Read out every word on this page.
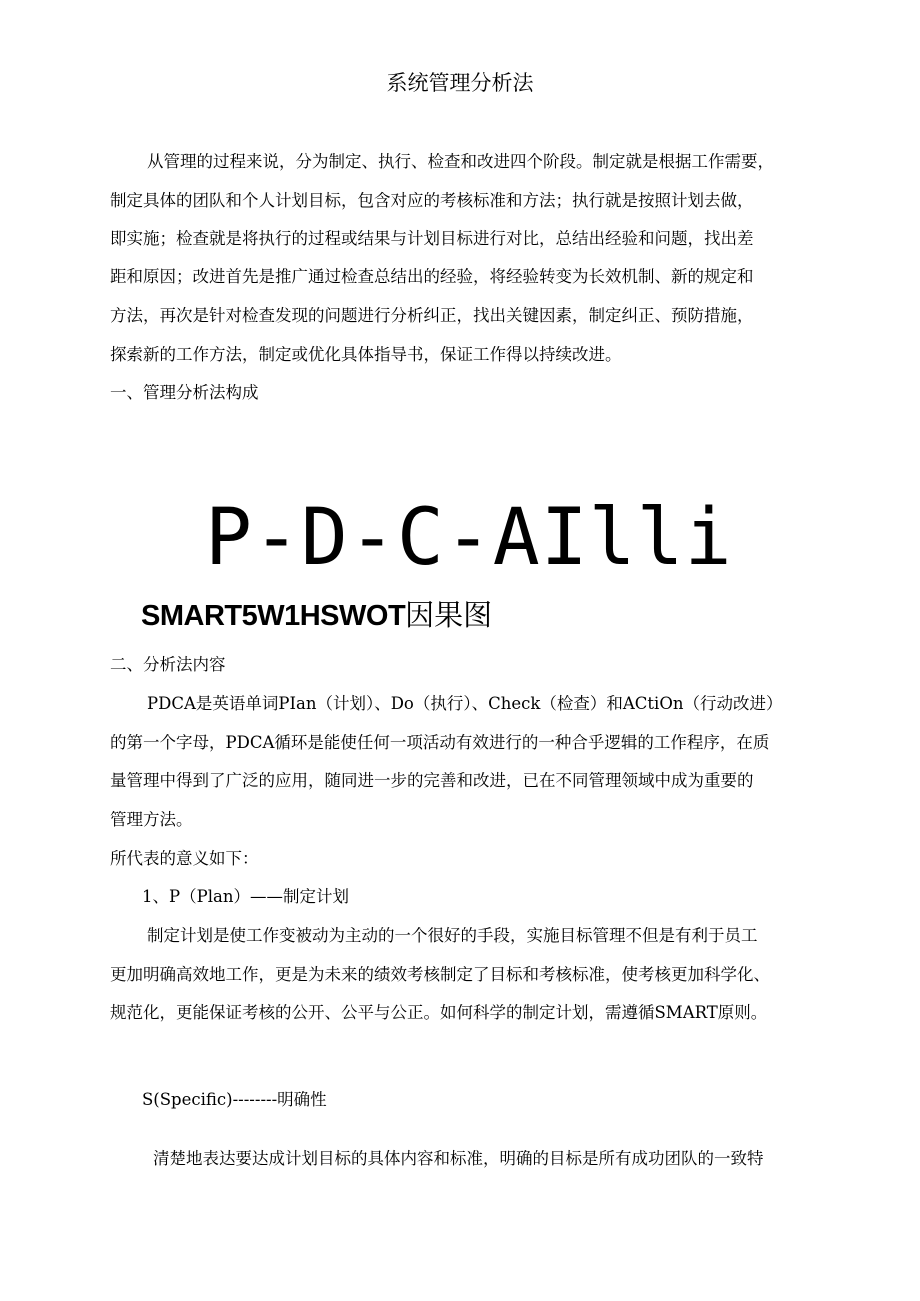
系统管理分析法
从管理的过程来说，分为制定、执行、检查和改进四个阶段。制定就是根据工作需要，
制定具体的团队和个人计划目标，包含对应的考核标准和方法；执行就是按照计划去做，
即实施；检查就是将执行的过程或结果与计划目标进行对比，总结出经验和问题，找出差
距和原因；改进首先是推广通过检查总结出的经验，将经验转变为长效机制、新的规定和
方法，再次是针对检查发现的问题进行分析纠正，找出关键因素，制定纠正、预防措施，
探索新的工作方法，制定或优化具体指导书，保证工作得以持续改进。
一、管理分析法构成
P-D-C-AIlli
SMART5W1HSWOT因果图
二、分析法内容
PDCA是英语单词PIan（计划）、Do（执行）、Check（检查）和ACtiOn（行动改进）
的第一个字母，PDCA循环是能使任何一项活动有效进行的一种合乎逻辑的工作程序，在质
量管理中得到了广泛的应用，随同进一步的完善和改进，已在不同管理领域中成为重要的
管理方法。
所代表的意义如下：
1、P（Plan）——制定计划
制定计划是使工作变被动为主动的一个很好的手段，实施目标管理不但是有利于员工
更加明确高效地工作，更是为未来的绩效考核制定了目标和考核标准，使考核更加科学化、
规范化，更能保证考核的公开、公平与公正。如何科学的制定计划，需遵循SMART原则。
S(Specific)--------明确性
清楚地表达要达成计划目标的具体内容和标准，明确的目标是所有成功团队的一致特
